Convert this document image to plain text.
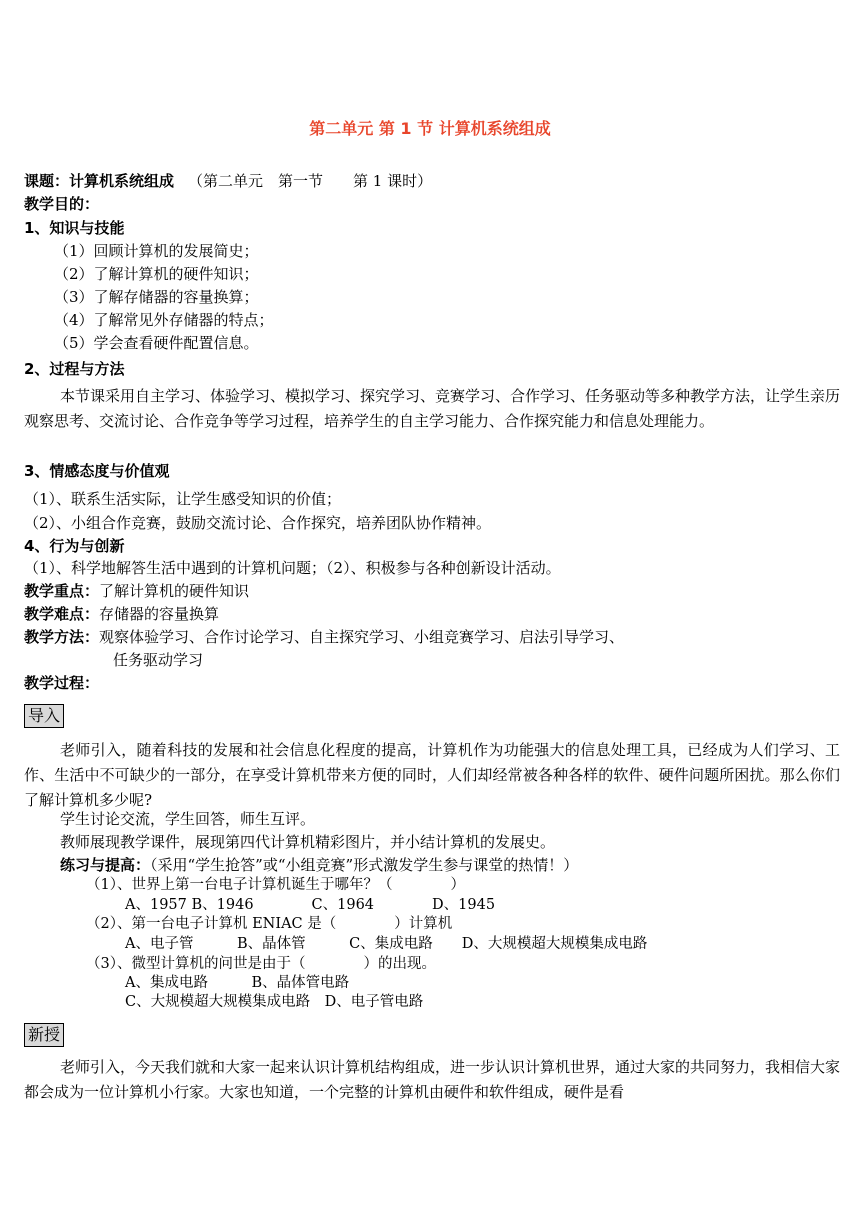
第二单元 第 1 节 计算机系统组成
课题：计算机系统组成 （第二单元　第一节　　第 1 课时）
教学目的：
1、知识与技能
（1）回顾计算机的发展简史；
（2）了解计算机的硬件知识；
（3）了解存储器的容量换算；
（4）了解常见外存储器的特点；
（5）学会查看硬件配置信息。
2、过程与方法
本节课采用自主学习、体验学习、模拟学习、探究学习、竞赛学习、合作学习、任务驱动等多种教学方法，让学生亲历观察思考、交流讨论、合作竞争等学习过程，培养学生的自主学习能力、合作探究能力和信息处理能力。
3、情感态度与价值观
（1）、联系生活实际，让学生感受知识的价值；
（2）、小组合作竞赛，鼓励交流讨论、合作探究，培养团队协作精神。
4、行为与创新
（1）、科学地解答生活中遇到的计算机问题；（2）、积极参与各种创新设计活动。
教学重点：了解计算机的硬件知识
教学难点：存储器的容量换算
教学方法：观察体验学习、合作讨论学习、自主探究学习、小组竞赛学习、启法引导学习、
任务驱动学习
教学过程：
导入
老师引入，随着科技的发展和社会信息化程度的提高，计算机作为功能强大的信息处理工具，已经成为人们学习、工作、生活中不可缺少的一部分，在享受计算机带来方便的同时，人们却经常被各种各样的软件、硬件问题所困扰。那么你们了解计算机多少呢?
学生讨论交流，学生回答，师生互评。
教师展现教学课件，展现第四代计算机精彩图片，并小结计算机的发展史。
练习与提高：（采用“学生抢答”或“小组竞赛”形式激发学生参与课堂的热情！）
（1）、世界上第一台电子计算机诞生于哪年？（　　　　）
A、1957 B、1946　　　　C、1964　　　　D、1945
（2）、第一台电子计算机 ENIAC 是（　　　　）计算机
A、电子管　　　B、晶体管　　　C、集成电路　　D、大规模超大规模集成电路
（3）、微型计算机的问世是由于（　　　　）的出现。
A、集成电路　　　B、晶体管电路
C、大规模超大规模集成电路　D、电子管电路
新授
老师引入，今天我们就和大家一起来认识计算机结构组成，进一步认识计算机世界，通过大家的共同努力，我相信大家都会成为一位计算机小行家。大家也知道，一个完整的计算机由硬件和软件组成，硬件是看
